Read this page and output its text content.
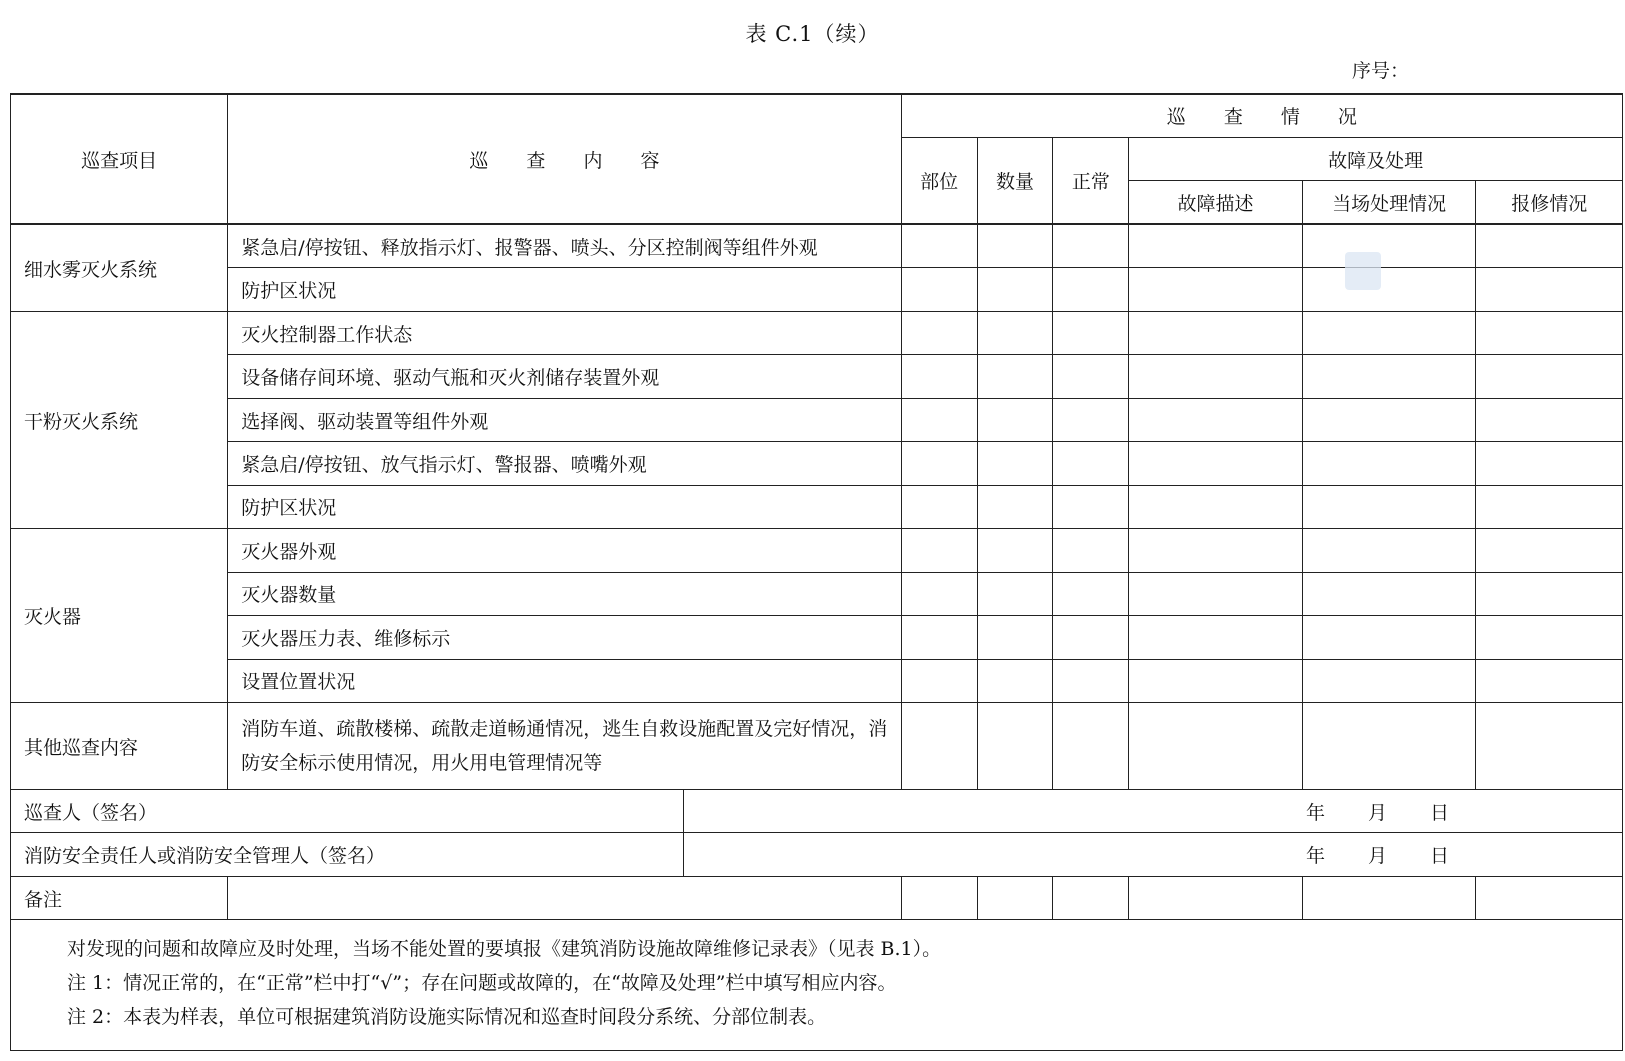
表 C.1（续）
序号：
巡查项目	巡 查 内 容		巡 查 情 况					
			部位	数量	正常	故障及处理		
						故障描述	当场处理情况	报修情况
细水雾灭火系统	紧急启/停按钮、释放指示灯、报警器、喷头、分区控制阀等组件外观							
	防护区状况							
干粉灭火系统	灭火控制器工作状态							
	设备储存间环境、驱动气瓶和灭火剂储存装置外观							
	选择阀、驱动装置等组件外观							
	紧急启/停按钮、放气指示灯、警报器、喷嘴外观							
	防护区状况							
灭火器	灭火器外观							
	灭火器数量							
	灭火器压力表、维修标示							
	设置位置状况							
其他巡查内容	消防车道、疏散楼梯、疏散走道畅通情况，逃生自救设施配置及完好情况，消防安全标示使用情况，用火用电管理情况等							
巡查人（签名）		年 月 日						
消防安全责任人或消防安全管理人（签名）		年 月 日						
备注								

对发现的问题和故障应及时处理，当场不能处置的要填报《建筑消防设施故障维修记录表》（见表 B.1）。
注 1：情况正常的，在“正常”栏中打“√”；存在问题或故障的，在“故障及处理”栏中填写相应内容。
注 2：本表为样表，单位可根据建筑消防设施实际情况和巡查时间段分系统、分部位制表。								
